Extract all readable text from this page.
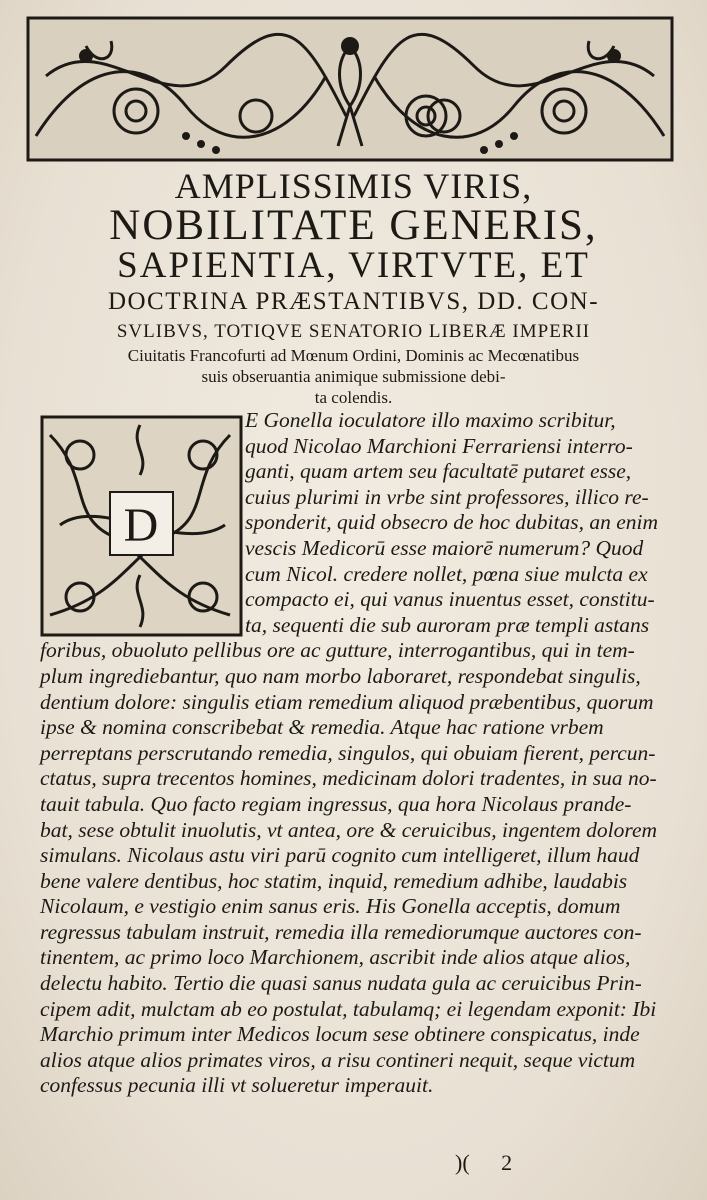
AMPLISSIMIS VIRIS,
NOBILITATE GENERIS,
SAPIENTIA, VIRTVTE, ET
DOCTRINA PRÆSTANTIBVS, DD. CON-
SVLIBVS, TOTIQVE SENATORIO LIBERÆ IMPERII
Ciuitatis Francofurti ad Mœnum Ordini, Dominis ac Mecœnatibus
suis obseruantia animique submissione debi-
ta colendis.
D
E Gonella ioculatore illo maximo scribitur,
quod Nicolao Marchioni Ferrariensi interro-
ganti, quam artem seu facultatē putaret esse,
cuius plurimi in vrbe sint professores, illico re-
sponderit, quid obsecro de hoc dubitas, an enim
vescis Medicorū esse maiorē numerum? Quod
cum Nicol. credere nollet, pœna siue mulcta ex
compacto ei, qui vanus inuentus esset, constitu-
ta, sequenti die sub auroram præ templi astans
foribus, obuoluto pellibus ore ac gutture, interrogantibus, qui in tem-
plum ingrediebantur, quo nam morbo laboraret, respondebat singulis,
dentium dolore: singulis etiam remedium aliquod præbentibus, quorum
ipse & nomina conscribebat & remedia. Atque hac ratione vrbem
perreptans perscrutando remedia, singulos, qui obuiam fierent, percun-
ctatus, supra trecentos homines, medicinam dolori tradentes, in sua no-
tauit tabula. Quo facto regiam ingressus, qua hora Nicolaus prande-
bat, sese obtulit inuolutis, vt antea, ore & ceruicibus, ingentem dolorem
simulans. Nicolaus astu viri parū cognito cum intelligeret, illum haud
bene valere dentibus, hoc statim, inquid, remedium adhibe, laudabis
Nicolaum, e vestigio enim sanus eris. His Gonella acceptis, domum
regressus tabulam instruit, remedia illa remediorumque auctores con-
tinentem, ac primo loco Marchionem, ascribit inde alios atque alios,
delectu habito. Tertio die quasi sanus nudata gula ac ceruicibus Prin-
cipem adit, mulctam ab eo postulat, tabulamq; ei legendam exponit: Ibi
Marchio primum inter Medicos locum sese obtinere conspicatus, inde
alios atque alios primates viros, a risu contineri nequit, seque victum
confessus pecunia illi vt solueretur imperauit.
)( 2
